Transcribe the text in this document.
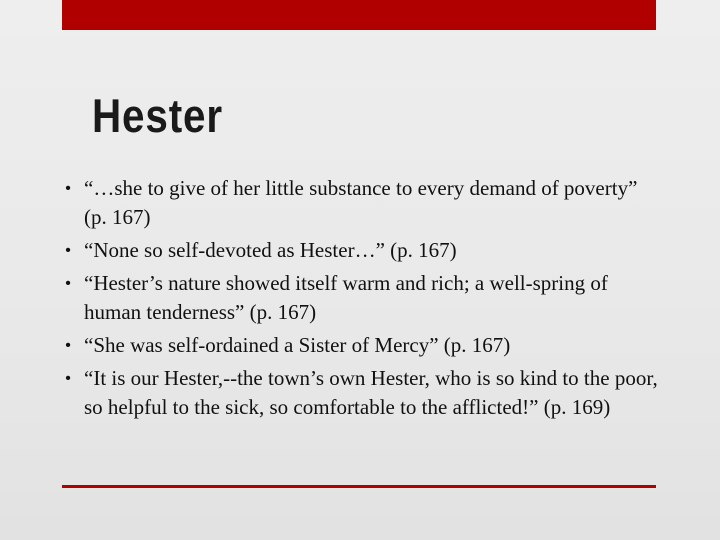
Hester
• “…she to give of her little substance to every demand of poverty” (p. 167)
• “None so self-devoted as Hester…” (p. 167)
• “Hester’s nature showed itself warm and rich; a well-spring of human tenderness” (p. 167)
• “She was self-ordained a Sister of Mercy” (p. 167)
• “It is our Hester,--the town’s own Hester, who is so kind to the poor, so helpful to the sick, so comfortable to the afflicted!” (p. 169)
